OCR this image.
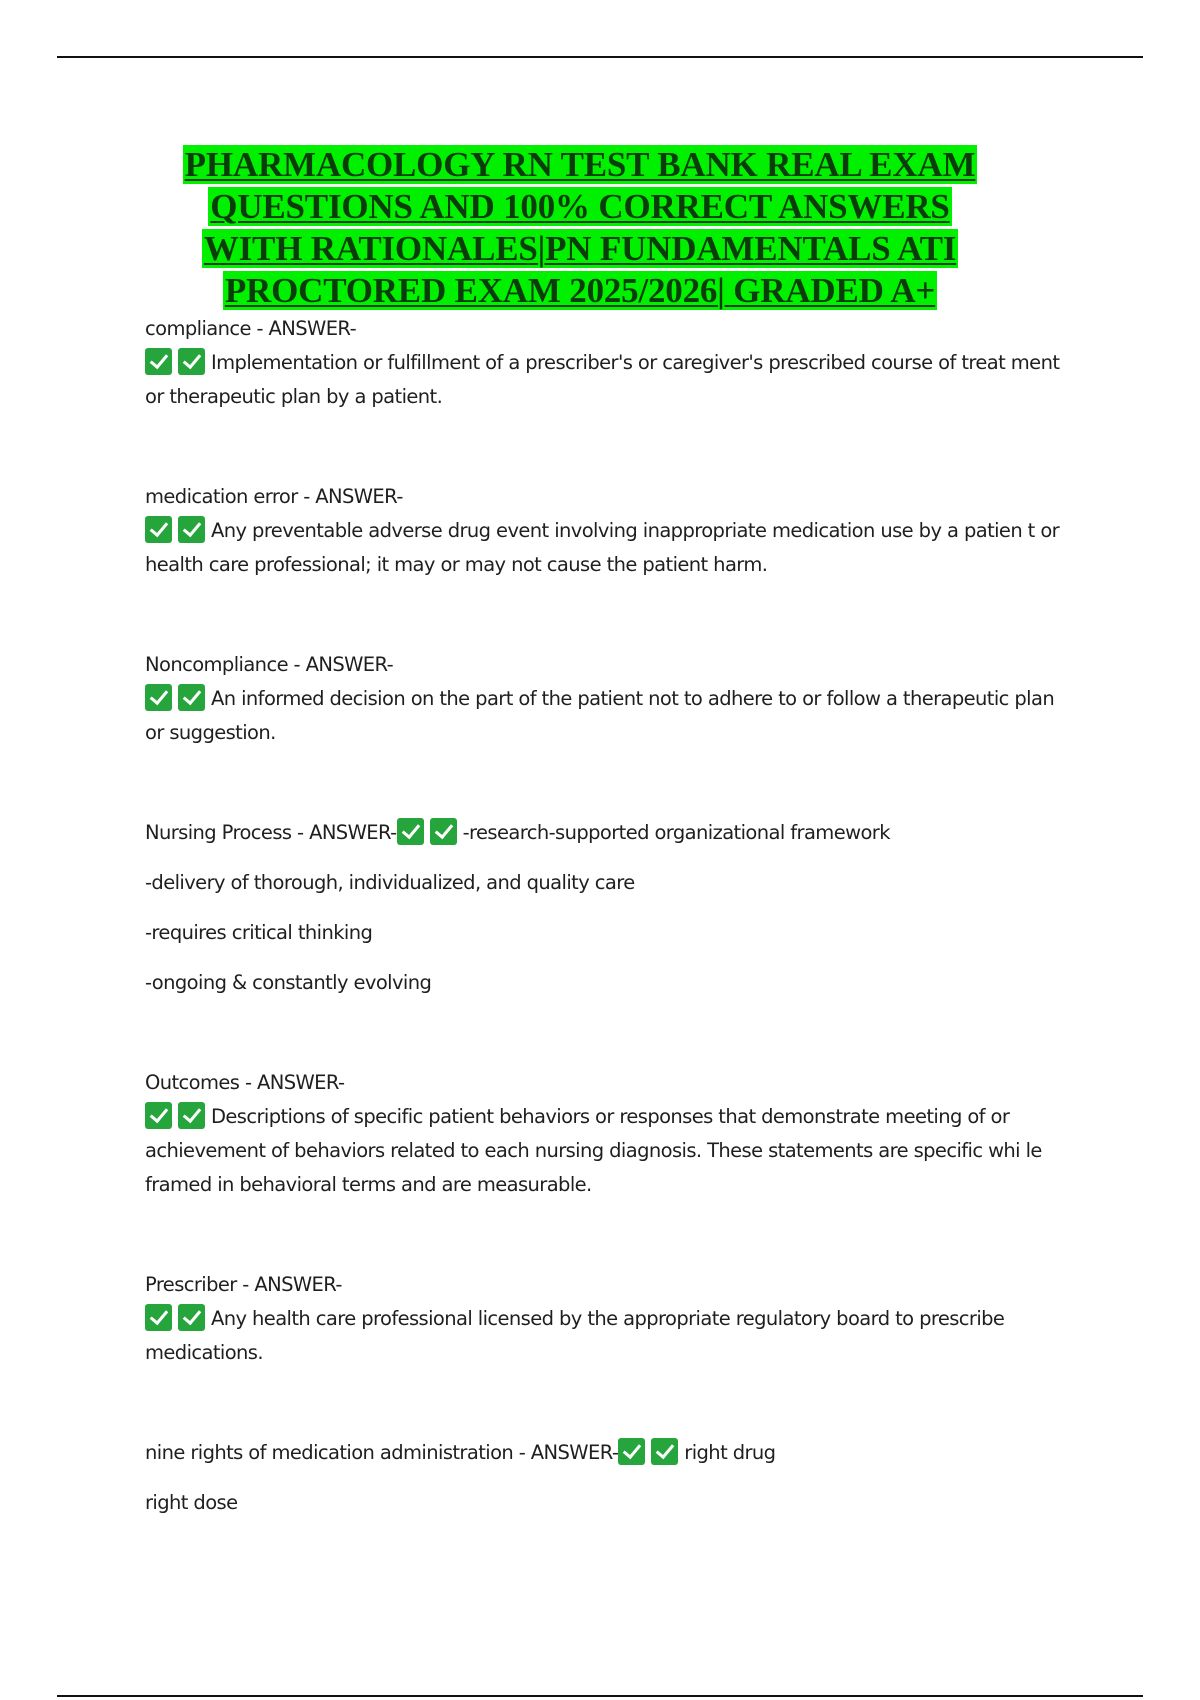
PHARMACOLOGY RN TEST BANK REAL EXAM
QUESTIONS AND 100% CORRECT ANSWERS
WITH RATIONALES|PN FUNDAMENTALS ATI
PROCTORED EXAM 2025/2026| GRADED A+
compliance - ANSWER-
Implementation or fulfillment of a prescriber's or caregiver's prescribed course of treat ment or therapeutic plan by a patient.
medication error - ANSWER-
Any preventable adverse drug event involving inappropriate medication use by a patien t or health care professional; it may or may not cause the patient harm.
Noncompliance - ANSWER-
An informed decision on the part of the patient not to adhere to or follow a therapeutic plan or suggestion.
Nursing Process - ANSWER-	-research-supported organizational framework
-delivery of thorough, individualized, and quality care
-requires critical thinking
-ongoing & constantly evolving
Outcomes - ANSWER-
Descriptions of specific patient behaviors or responses that demonstrate meeting of or achievement of behaviors related to each nursing diagnosis. These statements are specific whi le framed in behavioral terms and are measurable.
Prescriber - ANSWER-
Any health care professional licensed by the appropriate regulatory board to prescribe medications.
nine rights of medication administration - ANSWER-	right drug
right dose
